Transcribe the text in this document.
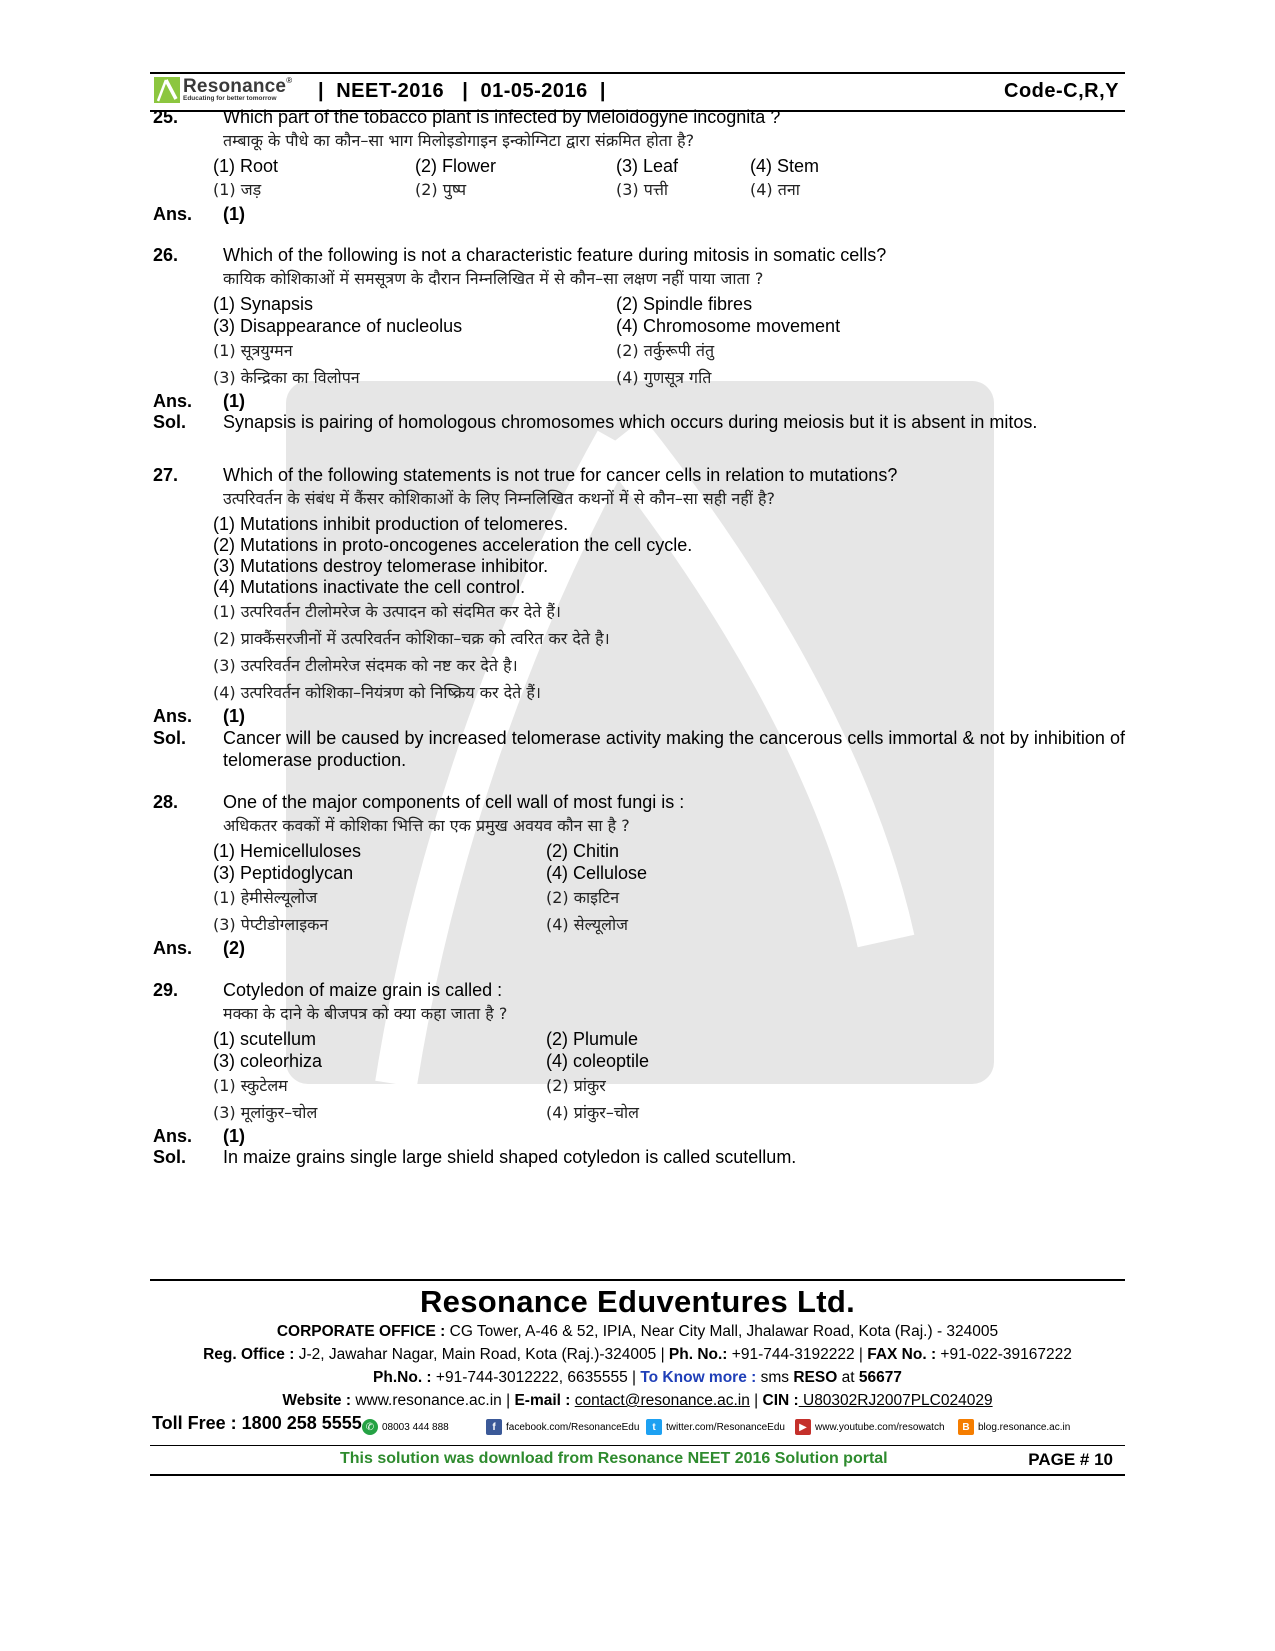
Resonance®
Educating for better tomorrow	|  NEET-2016   |  01-05-2016  |	Code-C,R,Y
25. Which part of the tobacco plant is infected by Meloidogyne incognita ?
तम्बाकू के पौधे का कौन–सा भाग मिलोइडोगाइन इन्कोग्निटा द्वारा संक्रमित होता है?
(1) Root	(2) Flower	(3) Leaf	(4) Stem
(1) जड़	(2) पुष्प	(3) पत्ती	(4) तना
Ans. (1)
26. Which of the following is not a characteristic feature during mitosis in somatic cells?
कायिक कोशिकाओं में समसूत्रण के दौरान निम्नलिखित में से कौन–सा लक्षण नहीं पाया जाता ?
(1) Synapsis	(2) Spindle fibres
(3) Disappearance of nucleolus	(4) Chromosome movement
(1) सूत्रयुग्मन	(2) तर्कुरूपी तंतु
(3) केन्द्रिका का विलोपन	(4) गुणसूत्र गति
Ans. (1)
Sol. Synapsis is pairing of homologous chromosomes which occurs during meiosis but it is absent in mitos.
27. Which of the following statements is not true for cancer cells in relation to mutations?
उत्परिवर्तन के संबंध में कैंसर कोशिकाओं के लिए निम्नलिखित कथनों में से कौन–सा सही नहीं है?
(1) Mutations inhibit production of telomeres.
(2) Mutations in proto-oncogenes acceleration the cell cycle.
(3) Mutations destroy telomerase inhibitor.
(4) Mutations inactivate the cell control.
(1) उत्परिवर्तन टीलोमरेज के उत्पादन को संदमित कर देते हैं।
(2) प्राक्कैंसरजीनों में उत्परिवर्तन कोशिका–चक्र को त्वरित कर देते है।
(3) उत्परिवर्तन टीलोमरेज संदमक को नष्ट कर देते है।
(4) उत्परिवर्तन कोशिका–नियंत्रण को निष्क्रिय कर देते हैं।
Ans. (1)
Sol. Cancer will be caused by increased telomerase activity making the cancerous cells immortal & not by inhibition of telomerase production.
28. One of the major components of cell wall of most fungi is :
अधिकतर कवकों में कोशिका भित्ति का एक प्रमुख अवयव कौन सा है ?
(1) Hemicelluloses	(2) Chitin
(3) Peptidoglycan	(4) Cellulose
(1) हेमीसेल्यूलोज	(2) काइटिन
(3) पेप्टीडोग्लाइकन	(4) सेल्यूलोज
Ans. (2)
29. Cotyledon of maize grain is called :
मक्का के दाने के बीजपत्र को क्या कहा जाता है ?
(1) scutellum	(2) Plumule
(3) coleorhiza	(4) coleoptile
(1) स्कुटेलम	(2) प्रांकुर
(3) मूलांकुर–चोल	(4) प्रांकुर–चोल
Ans. (1)
Sol. In maize grains single large shield shaped cotyledon is called scutellum.
Resonance Eduventures Ltd.
CORPORATE OFFICE : CG Tower, A-46 & 52, IPIA, Near City Mall, Jhalawar Road, Kota (Raj.) - 324005
Reg. Office : J-2, Jawahar Nagar, Main Road, Kota (Raj.)-324005 | Ph. No.: +91-744-3192222 | FAX No. : +91-022-39167222
Ph.No. : +91-744-3012222, 6635555 | To Know more : sms RESO at 56677
Website : www.resonance.ac.in | E-mail : contact@resonance.ac.in | CIN : U80302RJ2007PLC024029
Toll Free : 1800 258 5555 ✆ 08003 444 888	f	facebook.com/ResonanceEdu	t	twitter.com/ResonanceEdu	▶ www.youtube.com/resowatch	B blog.resonance.ac.in
This solution was download from Resonance NEET 2016 Solution portal	PAGE # 10
